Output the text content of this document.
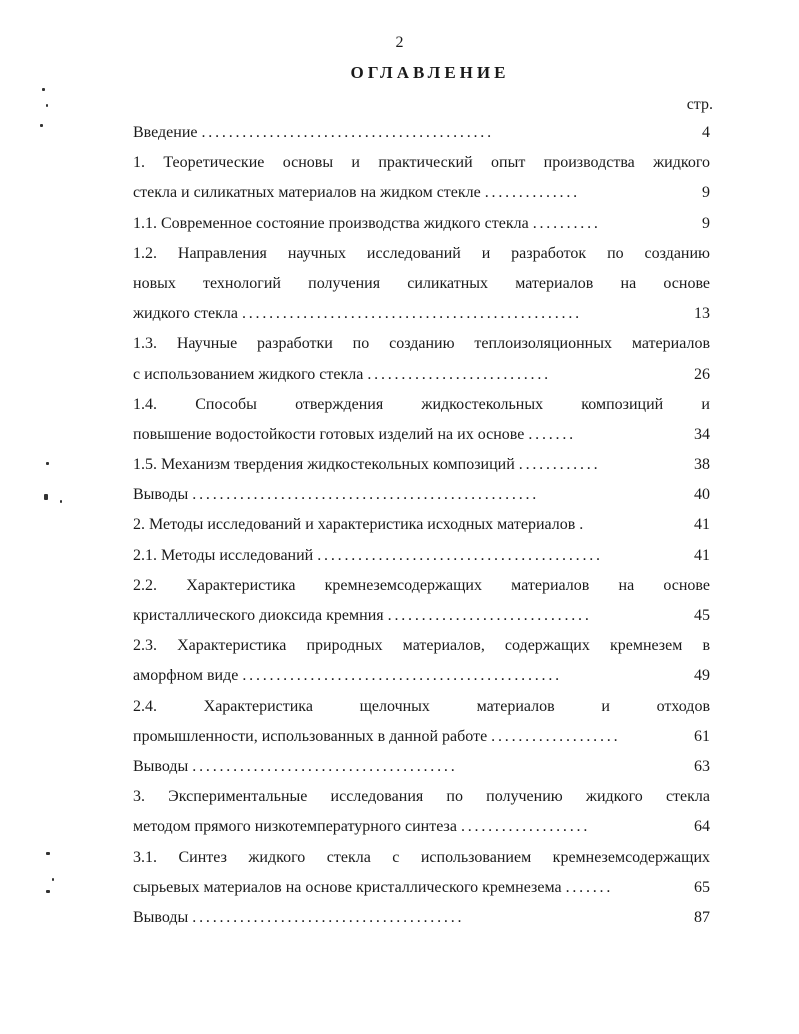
2
ОГЛАВЛЕНИЕ
стр.
Введение ...........................................	4
1. Теоретические основы и практический опыт производства жидкого
стекла и силикатных материалов на жидком стекле ..............	9
1.1. Современное состояние производства жидкого стекла ..........	9
1.2. Направления научных исследований и разработок по созданию
новых технологий получения силикатных материалов на основе
жидкого стекла ..................................................	13
1.3. Научные разработки по созданию теплоизоляционных материалов
с использованием жидкого стекла ...........................	26
1.4. Способы отверждения жидкостекольных композиций и
повышение водостойкости готовых изделий на их основе .......	34
1.5. Механизм твердения жидкостекольных композиций ............	38
Выводы ...................................................	40
2. Методы исследований и характеристика исходных материалов .	41
2.1. Методы исследований ..........................................	41
2.2. Характеристика кремнеземсодержащих материалов на основе
кристаллического диоксида кремния ..............................	45
2.3. Характеристика природных материалов, содержащих кремнезем в
аморфном виде ...............................................	49
2.4. Характеристика щелочных материалов и отходов
промышленности, использованных в данной работе ...................	61
Выводы .......................................	63
3. Экспериментальные исследования по получению жидкого стекла
методом прямого низкотемпературного синтеза ...................	64
3.1. Синтез жидкого стекла с использованием кремнеземсодержащих
сырьевых материалов на основе кристаллического кремнезема .......	65
Выводы ........................................	87
